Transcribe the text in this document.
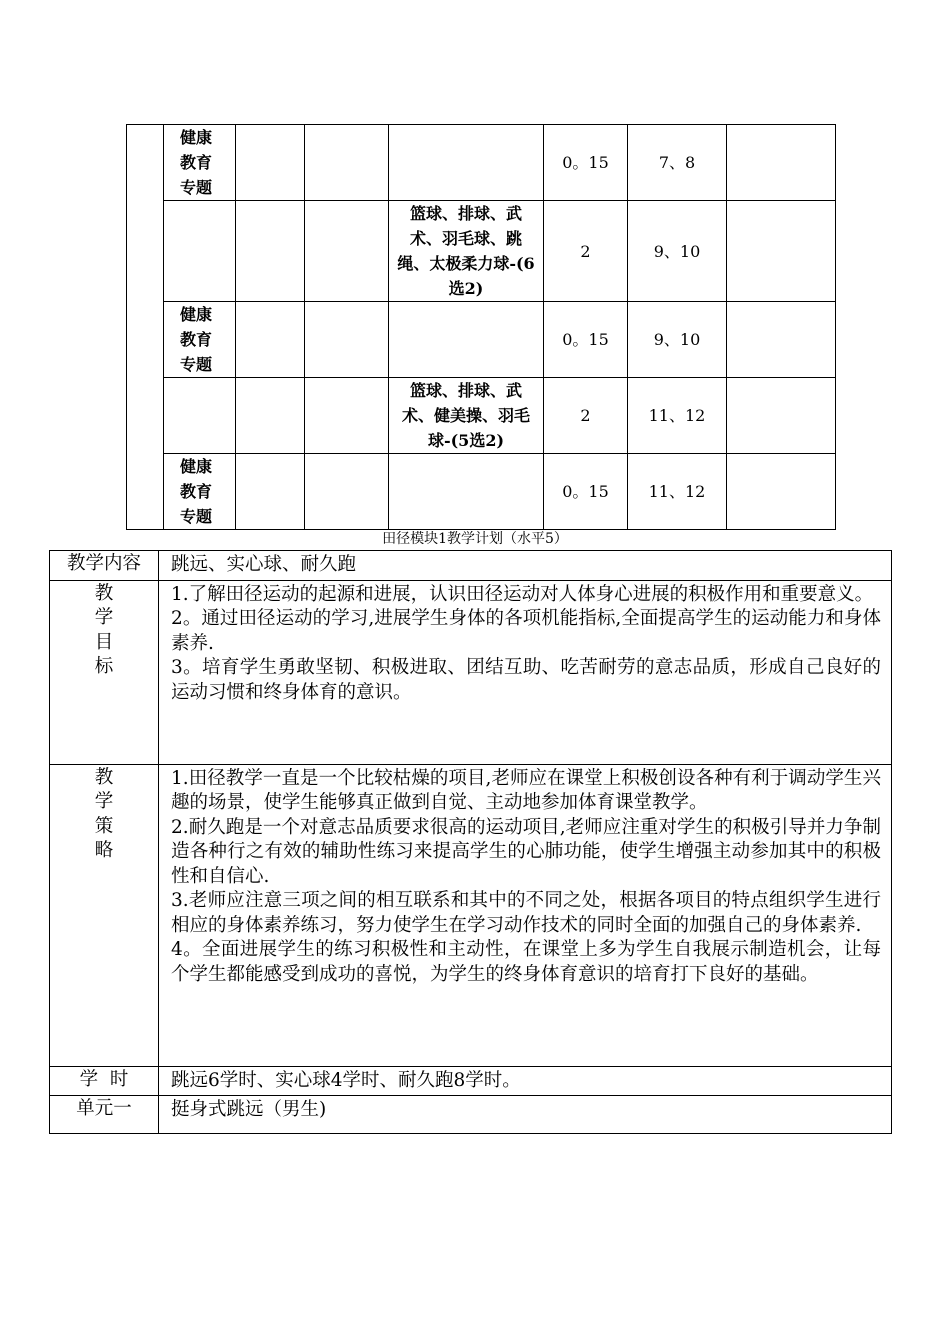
	健康
教育
专题				0。15	7、8	
				篮球、排球、武术、羽毛球、跳绳、太极柔力球-(6选2)	2	9、10	
	健康
教育
专题				0。15	9、10	
				篮球、排球、武术、健美操、羽毛球-(5选2)	2	11、12	
	健康
教育
专题				0。15	11、12	
田径模块1教学计划（水平5）
教学内容	跳远、实心球、耐久跑

教学目标	1.了解田径运动的起源和进展，认识田径运动对人体身心进展的积极作用和重要意义。
2。通过田径运动的学习,进展学生身体的各项机能指标,全面提高学生的运动能力和身体素养.
3。培育学生勇敢坚韧、积极进取、团结互助、吃苦耐劳的意志品质，形成自己良好的运动习惯和终身体育的意识。

教学策略	1.田径教学一直是一个比较枯燥的项目,老师应在课堂上积极创设各种有利于调动学生兴趣的场景，使学生能够真正做到自觉、主动地参加体育课堂教学。
2.耐久跑是一个对意志品质要求很高的运动项目,老师应注重对学生的积极引导并力争制造各种行之有效的辅助性练习来提高学生的心肺功能，使学生增强主动参加其中的积极性和自信心.
3.老师应注意三项之间的相互联系和其中的不同之处，根据各项目的特点组织学生进行相应的身体素养练习，努力使学生在学习动作技术的同时全面的加强自己的身体素养.
4。全面进展学生的练习积极性和主动性，在课堂上多为学生自我展示制造机会，让每个学生都能感受到成功的喜悦，为学生的终身体育意识的培育打下良好的基础。

学  时	跳远6学时、实心球4学时、耐久跑8学时。
单元一	挺身式跳远（男生)
